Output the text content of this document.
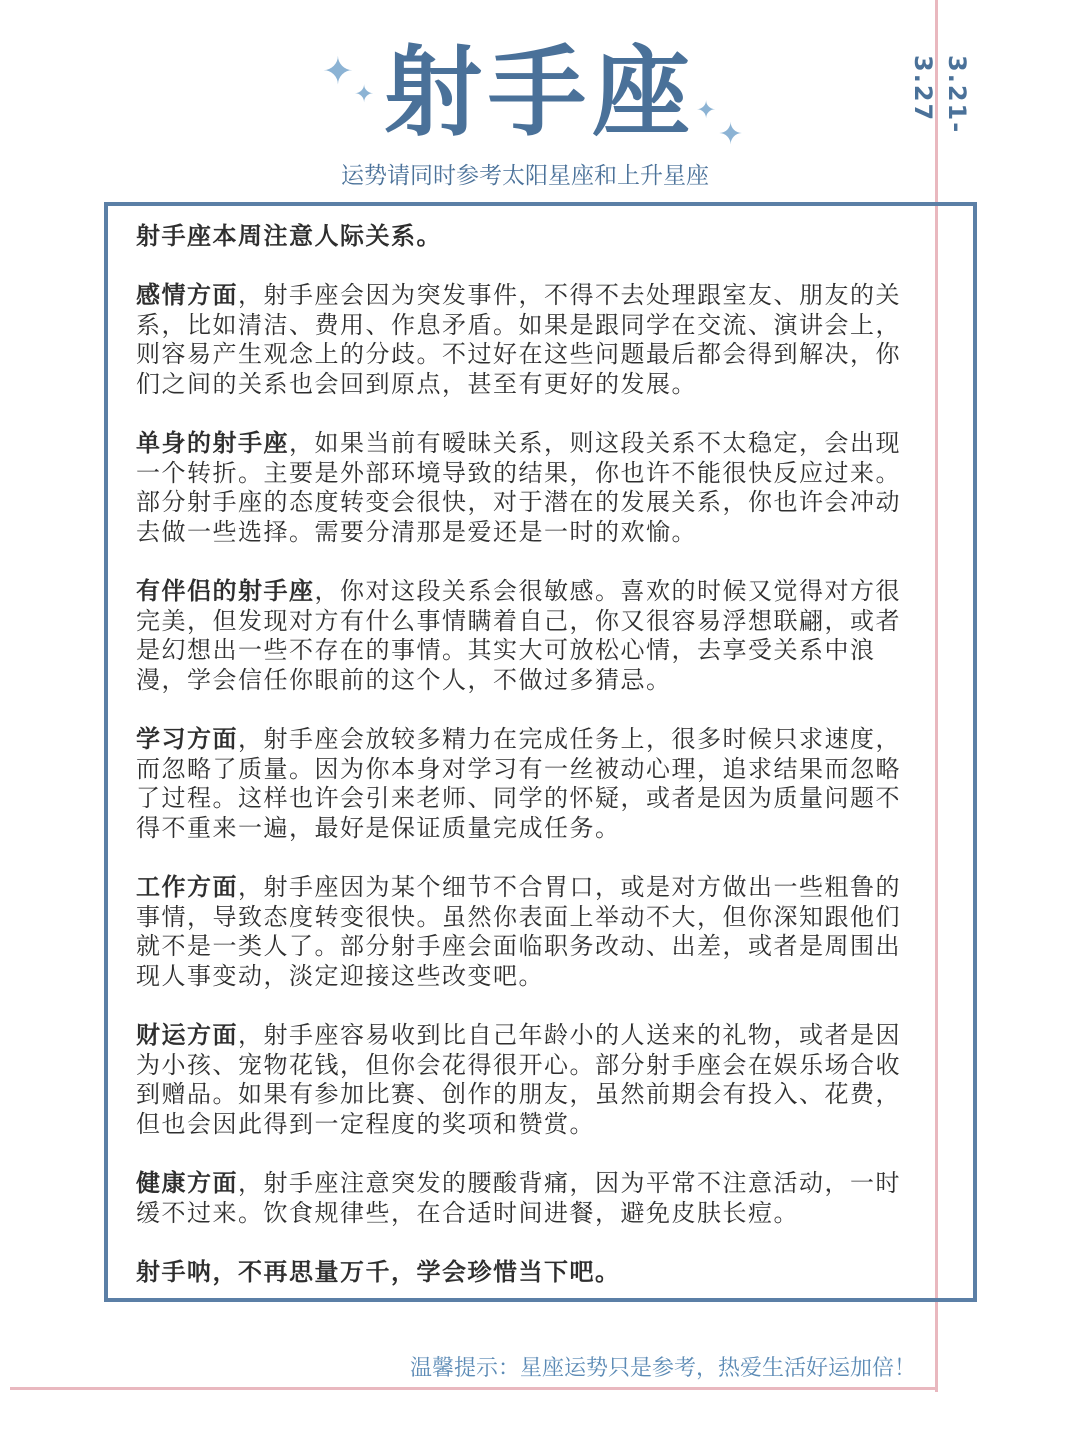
✦
✦
✦
✦
射手座
运势请同时参考太阳星座和上升星座
3.21-3.27

射手座本周注意人际关系。

感情方面，射手座会因为突发事件，不得不去处理跟室友、朋友的关系，比如清洁、费用、作息矛盾。如果是跟同学在交流、演讲会上，则容易产生观念上的分歧。不过好在这些问题最后都会得到解决，你们之间的关系也会回到原点，甚至有更好的发展。

单身的射手座，如果当前有暧昧关系，则这段关系不太稳定，会出现一个转折。主要是外部环境导致的结果，你也许不能很快反应过来。部分射手座的态度转变会很快，对于潜在的发展关系，你也许会冲动去做一些选择。需要分清那是爱还是一时的欢愉。

有伴侣的射手座，你对这段关系会很敏感。喜欢的时候又觉得对方很完美，但发现对方有什么事情瞒着自己，你又很容易浮想联翩，或者是幻想出一些不存在的事情。其实大可放松心情，去享受关系中浪漫，学会信任你眼前的这个人，不做过多猜忌。

学习方面，射手座会放较多精力在完成任务上，很多时候只求速度，而忽略了质量。因为你本身对学习有一丝被动心理，追求结果而忽略了过程。这样也许会引来老师、同学的怀疑，或者是因为质量问题不得不重来一遍，最好是保证质量完成任务。

工作方面，射手座因为某个细节不合胃口，或是对方做出一些粗鲁的事情，导致态度转变很快。虽然你表面上举动不大，但你深知跟他们就不是一类人了。部分射手座会面临职务改动、出差，或者是周围出现人事变动，淡定迎接这些改变吧。

财运方面，射手座容易收到比自己年龄小的人送来的礼物，或者是因为小孩、宠物花钱，但你会花得很开心。部分射手座会在娱乐场合收到赠品。如果有参加比赛、创作的朋友，虽然前期会有投入、花费，但也会因此得到一定程度的奖项和赞赏。

健康方面，射手座注意突发的腰酸背痛，因为平常不注意活动，一时缓不过来。饮食规律些，在合适时间进餐，避免皮肤长痘。

射手呐，不再思量万千，学会珍惜当下吧。

温馨提示：星座运势只是参考，热爱生活好运加倍！
